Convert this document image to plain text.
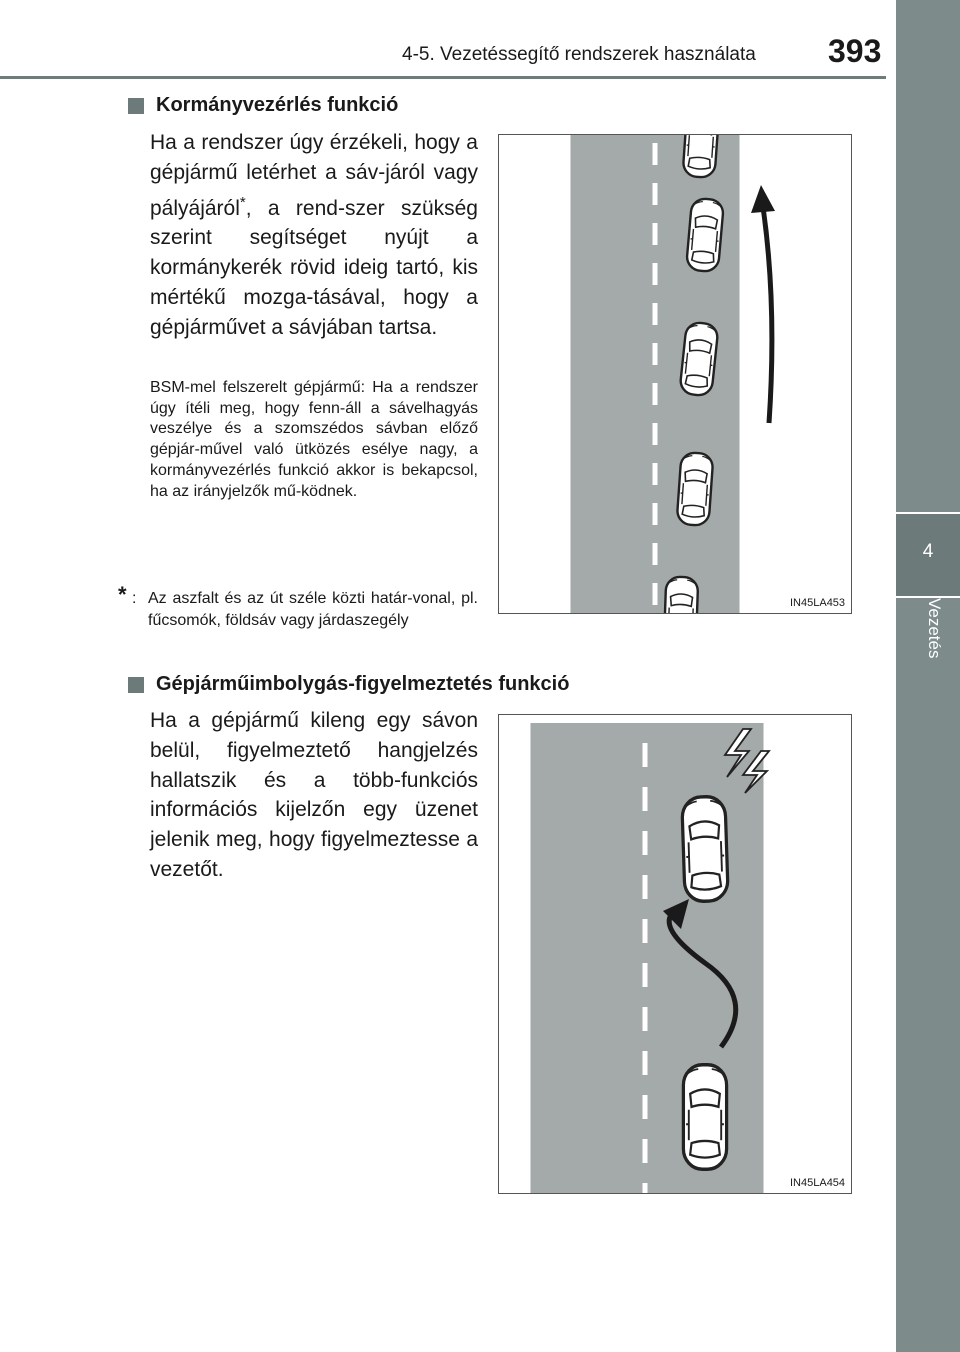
4-5. Vezetéssegítő rendszerek használata 393
4
Vezetés
Kormányvezérlés funkció
Ha a rendszer úgy érzékeli, hogy a gépjármű letérhet a sáv-járól vagy pályájáról*, a rend-szer szükség szerint segítséget nyújt a kormánykerék rövid ideig tartó, kis mértékű mozga-tásával, hogy a gépjárművet a sávjában tartsa.
BSM-mel felszerelt gépjármű: Ha a rendszer úgy ítéli meg, hogy fenn-áll a sávelhagyás veszélye és a szomszédos sávban előző gépjár-művel való ütközés esélye nagy, a kormányvezérlés funkció akkor is bekapcsol, ha az irányjelzők mű-ködnek.
* : Az aszfalt és az út széle közti határ-vonal, pl. fűcsomók, földsáv vagy járdaszegély
IN45LA453
Gépjárműimbolygás-figyelmeztetés funkció
Ha a gépjármű kileng egy sávon belül, figyelmeztető hangjelzés hallatszik és a több-funkciós információs kijelzőn egy üzenet jelenik meg, hogy figyelmeztesse a vezetőt.
IN45LA454
